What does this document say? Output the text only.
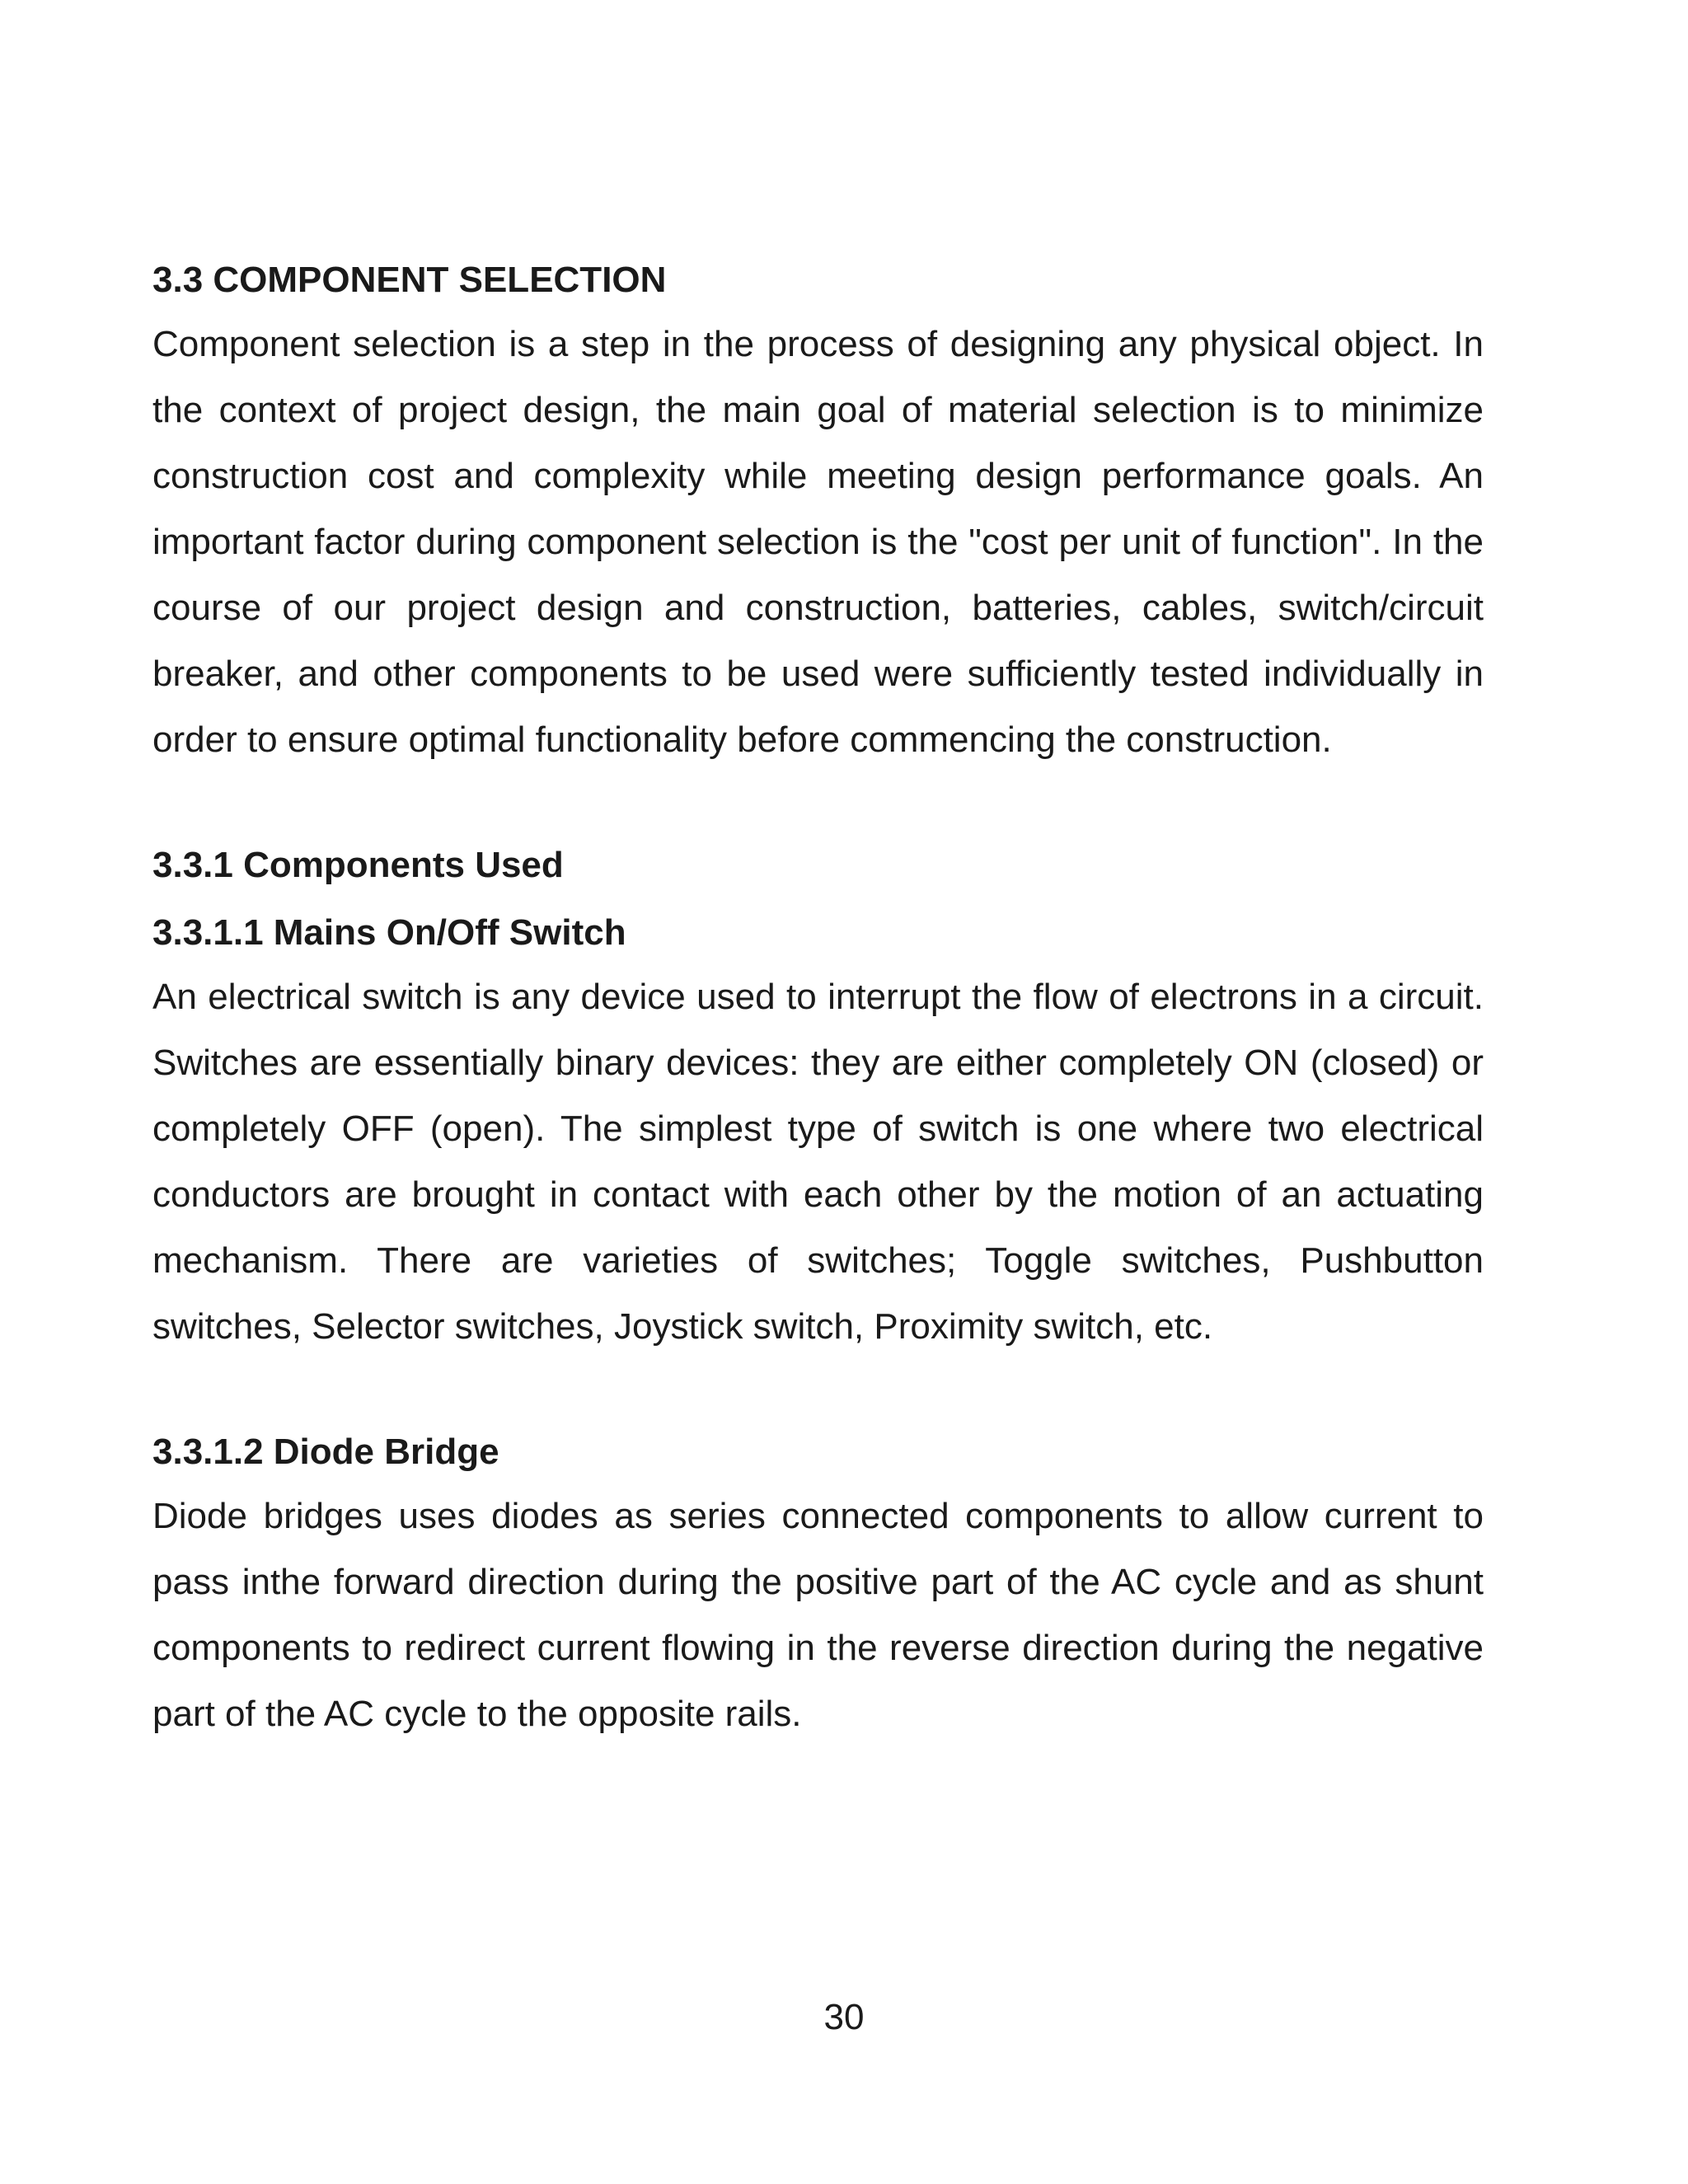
3.3 COMPONENT SELECTION

Component selection is a step in the process of designing any physical object. In the context of project design, the main goal of material selection is to minimize construction cost and complexity while meeting design performance goals. An important factor during component selection is the "cost per unit of function". In the course of our project design and construction, batteries, cables, switch/circuit breaker, and other components to be used were sufficiently tested individually in order to ensure optimal functionality before commencing the construction.

3.3.1 Components Used
3.3.1.1 Mains On/Off Switch

An electrical switch is any device used to interrupt the flow of electrons in a circuit. Switches are essentially binary devices: they are either completely ON (closed) or completely OFF (open). The simplest type of switch is one where two electrical conductors are brought in contact with each other by the motion of an actuating mechanism. There are varieties of switches; Toggle switches, Pushbutton switches, Selector switches, Joystick switch, Proximity switch, etc.

3.3.1.2 Diode Bridge

Diode bridges uses diodes as series connected components to allow current to pass inthe forward direction during the positive part of the AC cycle and as shunt components to redirect current flowing in the reverse direction during the negative part of the AC cycle to the opposite rails.

30
